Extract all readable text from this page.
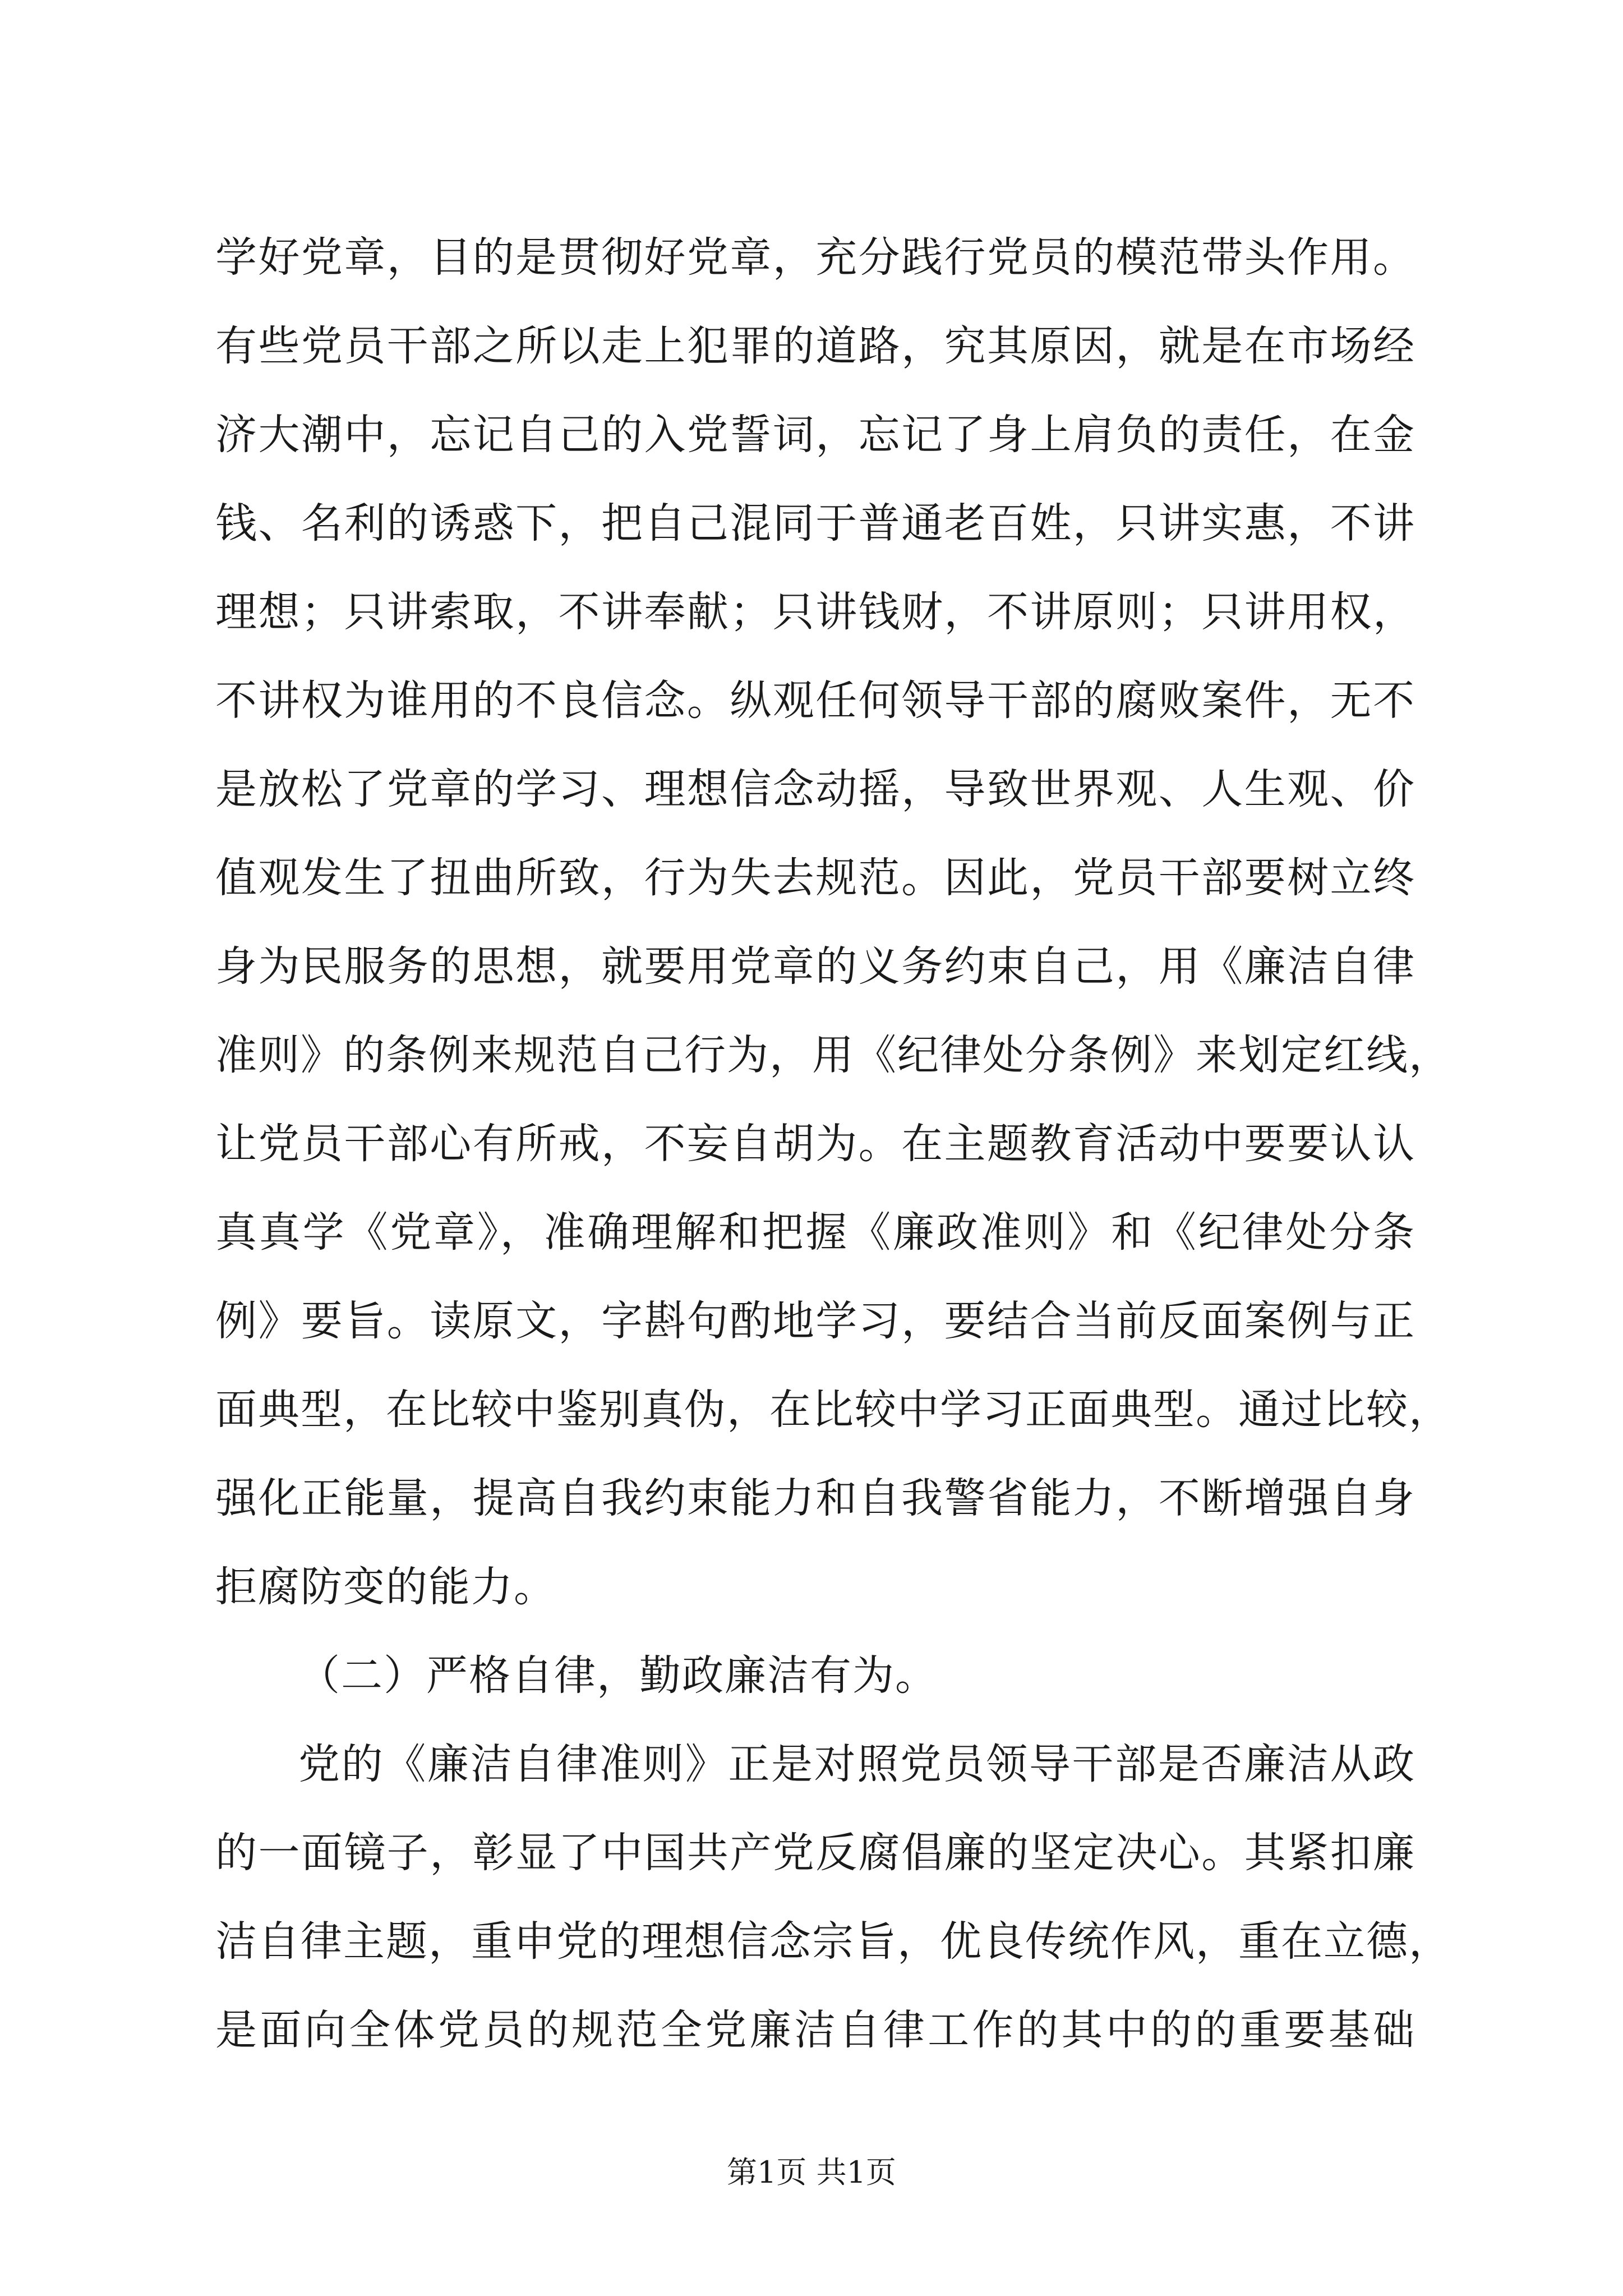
学好党章，目的是贯彻好党章，充分践行党员的模范带头作用。
有些党员干部之所以走上犯罪的道路，究其原因，就是在市场经
济大潮中，忘记自己的入党誓词，忘记了身上肩负的责任，在金
钱、名利的诱惑下，把自己混同于普通老百姓，只讲实惠，不讲
理想；只讲索取，不讲奉献；只讲钱财，不讲原则；只讲用权，
不讲权为谁用的不良信念。纵观任何领导干部的腐败案件，无不
是放松了党章的学习、理想信念动摇，导致世界观、人生观、价
值观发生了扭曲所致，行为失去规范。因此，党员干部要树立终
身为民服务的思想，就要用党章的义务约束自己，用《廉洁自律
准则》的条例来规范自己行为，用《纪律处分条例》来划定红线，
让党员干部心有所戒，不妄自胡为。在主题教育活动中要要认认
真真学《党章》，准确理解和把握《廉政准则》和《纪律处分条
例》要旨。读原文，字斟句酌地学习，要结合当前反面案例与正
面典型，在比较中鉴别真伪，在比较中学习正面典型。通过比较，
强化正能量，提高自我约束能力和自我警省能力，不断增强自身
拒腐防变的能力。
（二）严格自律，勤政廉洁有为。
党的《廉洁自律准则》正是对照党员领导干部是否廉洁从政
的一面镜子，彰显了中国共产党反腐倡廉的坚定决心。其紧扣廉
洁自律主题，重申党的理想信念宗旨，优良传统作风，重在立德，
是面向全体党员的规范全党廉洁自律工作的其中的的重要基础
第1页 共1页
